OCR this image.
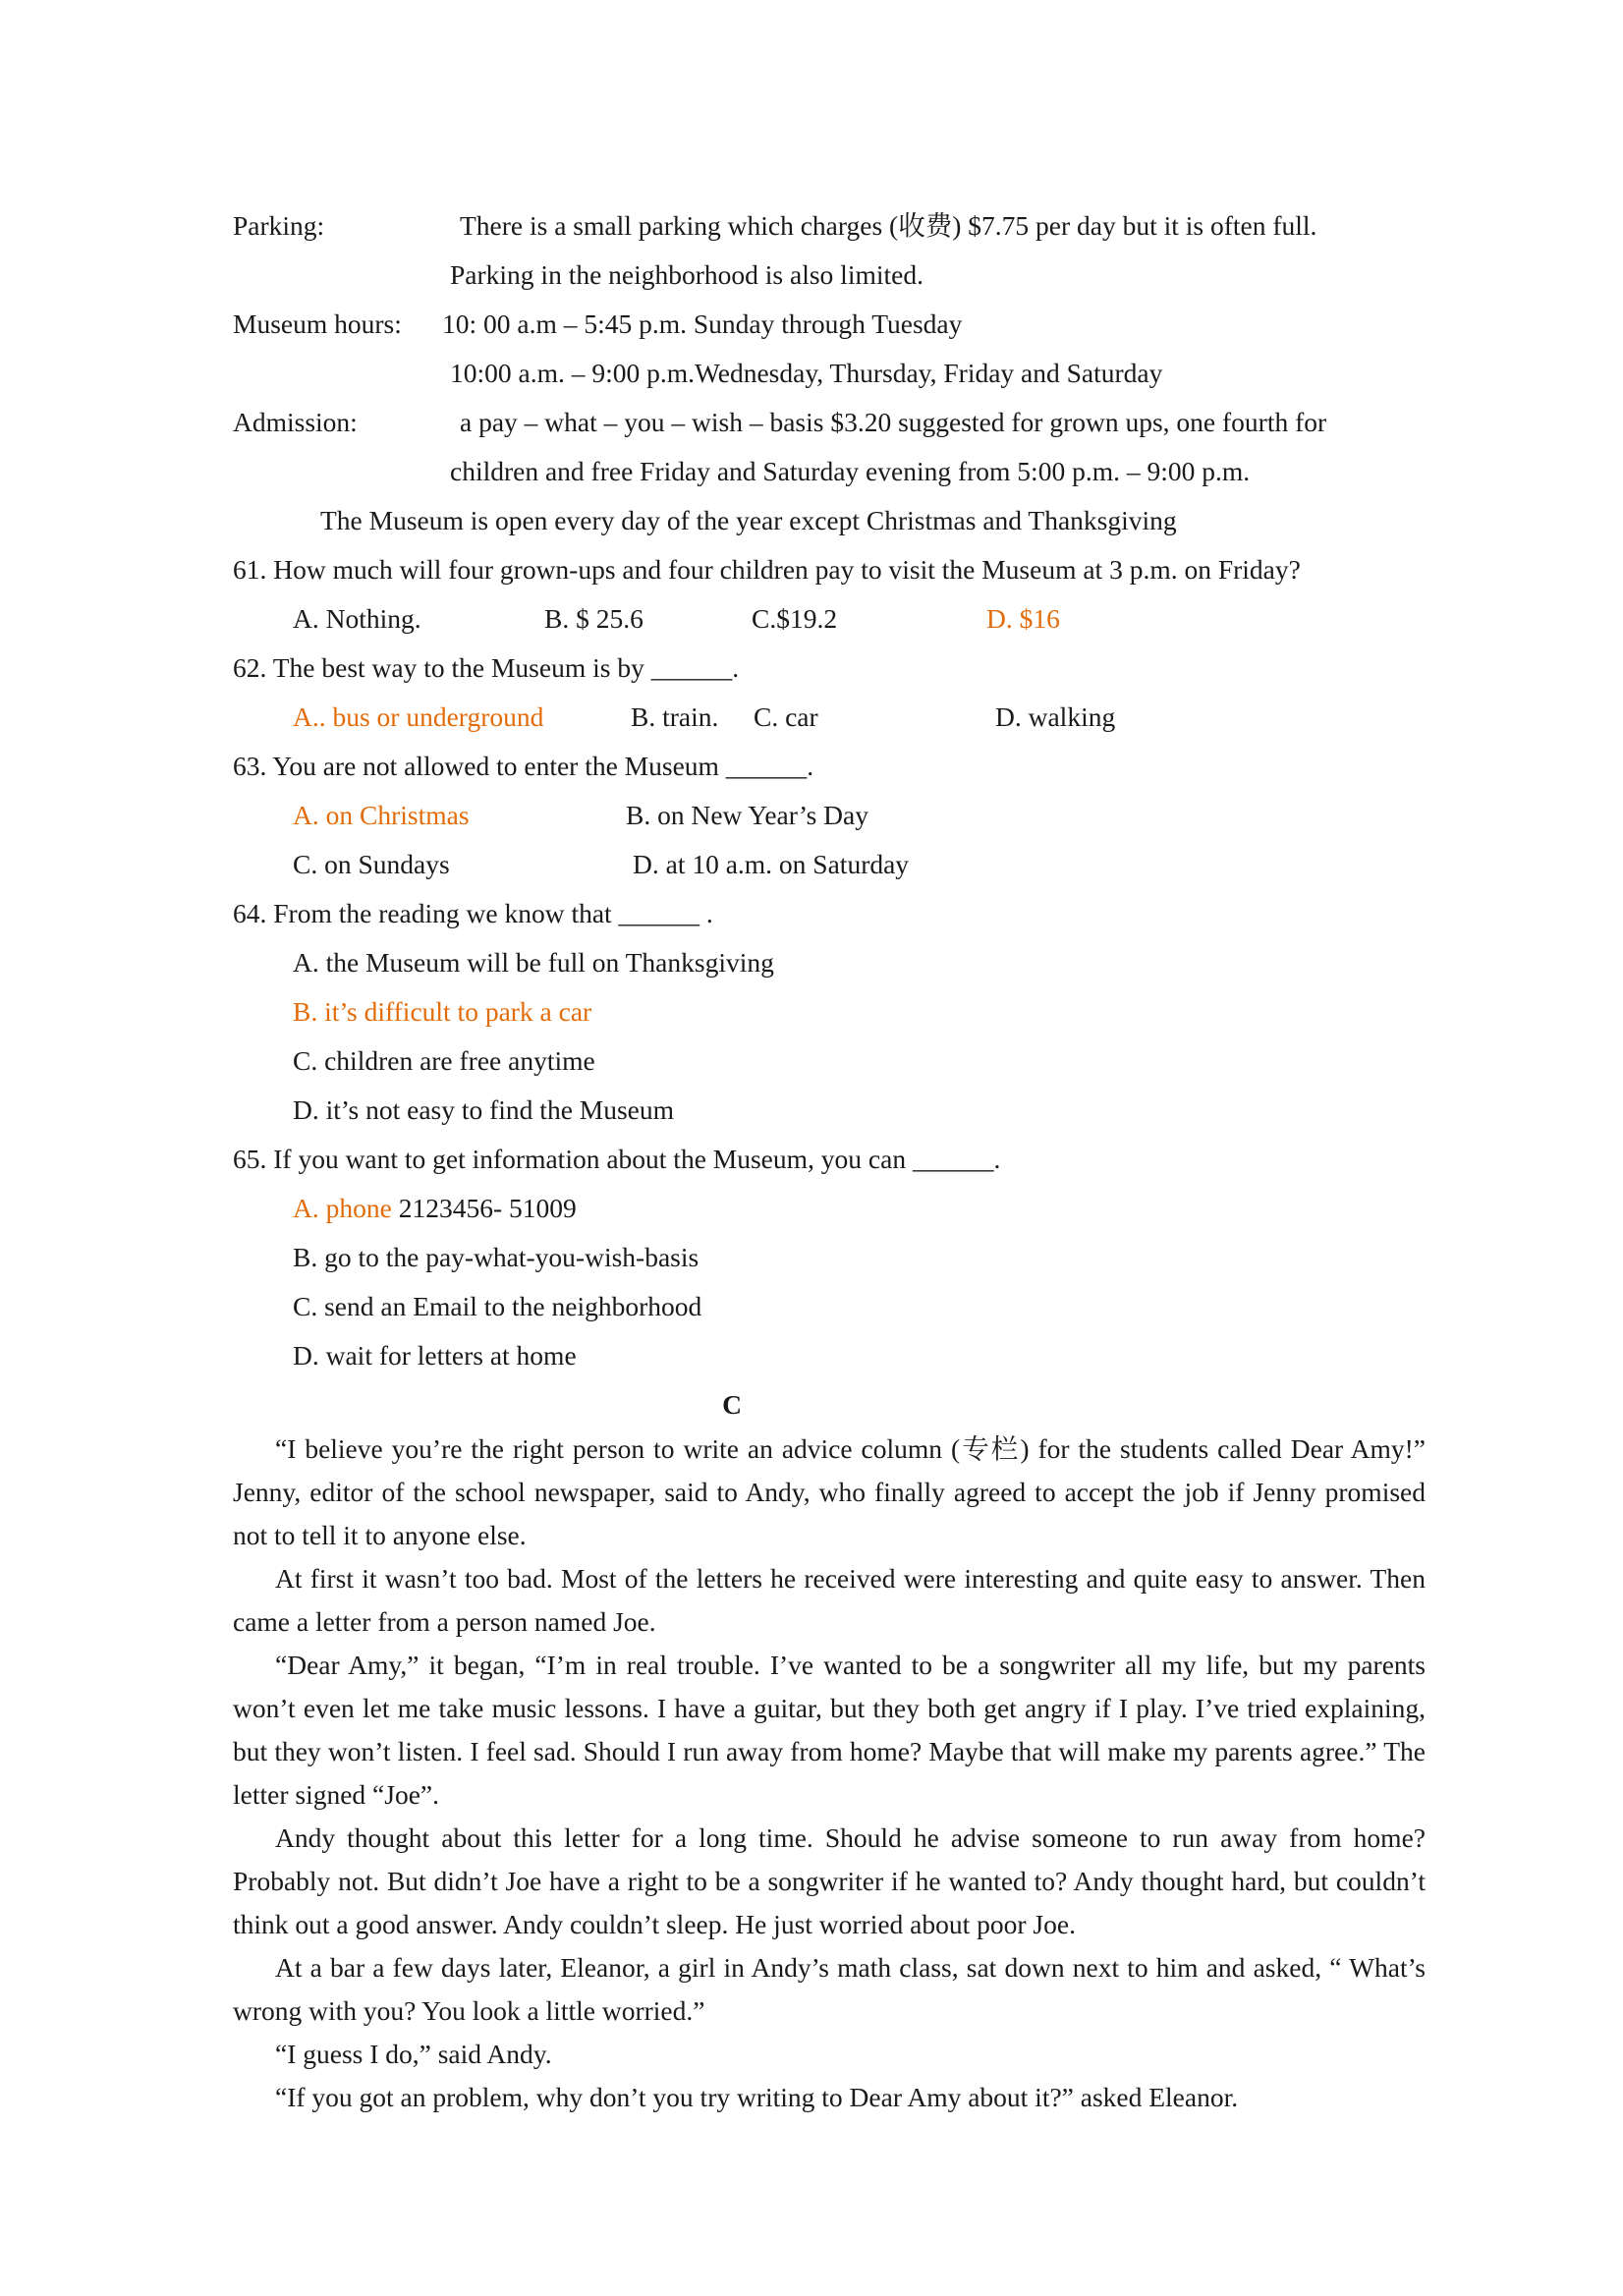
Parking:	There is a small parking which charges (收费) $7.75 per day but it is often full.
Parking in the neighborhood is also limited.
Museum hours: 10: 00 a.m – 5:45 p.m. Sunday through Tuesday
10:00 a.m. – 9:00 p.m.Wednesday, Thursday, Friday and Saturday
Admission:	a pay – what – you – wish – basis $3.20 suggested for grown ups, one fourth for
children and free Friday and Saturday evening from 5:00 p.m. – 9:00 p.m.
The Museum is open every day of the year except Christmas and Thanksgiving
61. How much will four grown-ups and four children pay to visit the Museum at 3 p.m. on Friday?
A. Nothing.	B. $ 25.6	C.$19.2	D. $16
62. The best way to the Museum is by ______.
A.. bus or underground	B. train. C. car	D. walking
63. You are not allowed to enter the Museum ______.
A. on Christmas	B. on New Year’s Day
C. on Sundays	D. at 10 a.m. on Saturday
64. From the reading we know that ______ .
A. the Museum will be full on Thanksgiving
B. it’s difficult to park a car
C. children are free anytime
D. it’s not easy to find the Museum
65. If you want to get information about the Museum, you can ______.
A. phone 2123456- 51009
B. go to the pay-what-you-wish-basis
C. send an Email to the neighborhood
D. wait for letters at home
C

“I believe you’re the right person to write an advice column (专栏) for the students called Dear Amy!” Jenny, editor of the school newspaper, said to Andy, who finally agreed to accept the job if Jenny promised not to tell it to anyone else.

At first it wasn’t too bad. Most of the letters he received were interesting and quite easy to answer. Then came a letter from a person named Joe.

“Dear Amy,” it began, “I’m in real trouble. I’ve wanted to be a songwriter all my life, but my parents won’t even let me take music lessons. I have a guitar, but they both get angry if I play. I’ve tried explaining, but they won’t listen. I feel sad. Should I run away from home? Maybe that will make my parents agree.” The letter signed “Joe”.

Andy thought about this letter for a long time. Should he advise someone to run away from home? Probably not. But didn’t Joe have a right to be a songwriter if he wanted to? Andy thought hard, but couldn’t think out a good answer. Andy couldn’t sleep. He just worried about poor Joe.

At a bar a few days later, Eleanor, a girl in Andy’s math class, sat down next to him and asked, “ What’s wrong with you? You look a little worried.”

“I guess I do,” said Andy.

“If you got an problem, why don’t you try writing to Dear Amy about it?” asked Eleanor.
